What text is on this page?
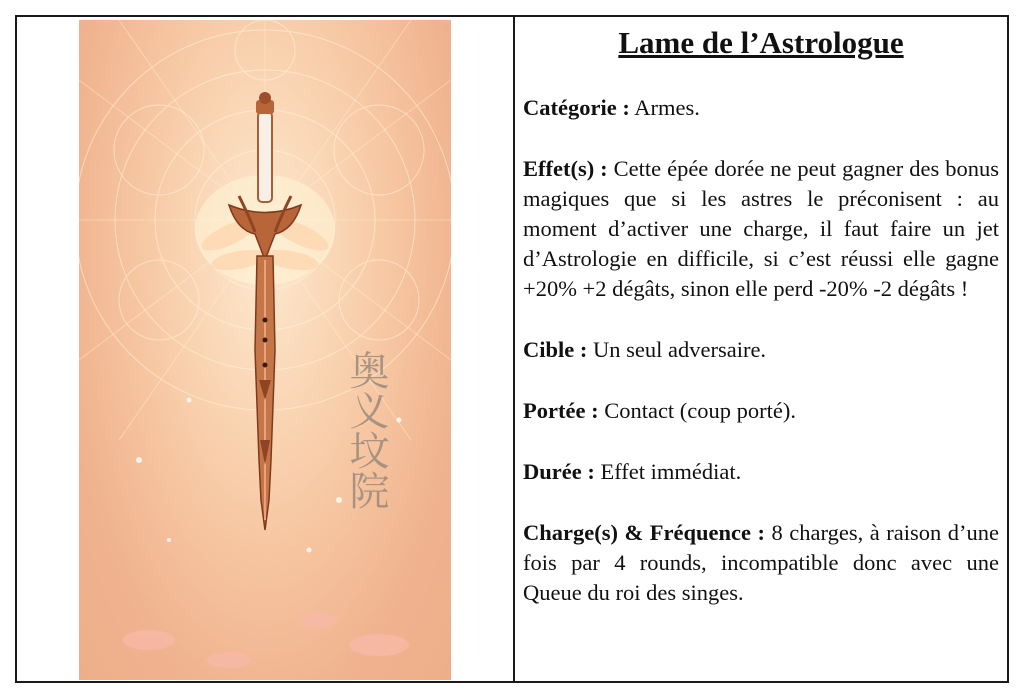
奥义坟院
Lame de l’Astrologue

Catégorie : Armes.

Effet(s) : Cette épée dorée ne peut gagner des bonus magiques que si les astres le préconisent : au moment d’activer une charge, il faut faire un jet d’Astrologie en difficile, si c’est réussi elle gagne +20% +2 dégâts, sinon elle perd -20% -2 dégâts !

Cible : Un seul adversaire.

Portée : Contact (coup porté).

Durée : Effet immédiat.

Charge(s) & Fréquence : 8 charges, à raison d’une fois par 4 rounds, incompatible donc avec une Queue du roi des singes.
